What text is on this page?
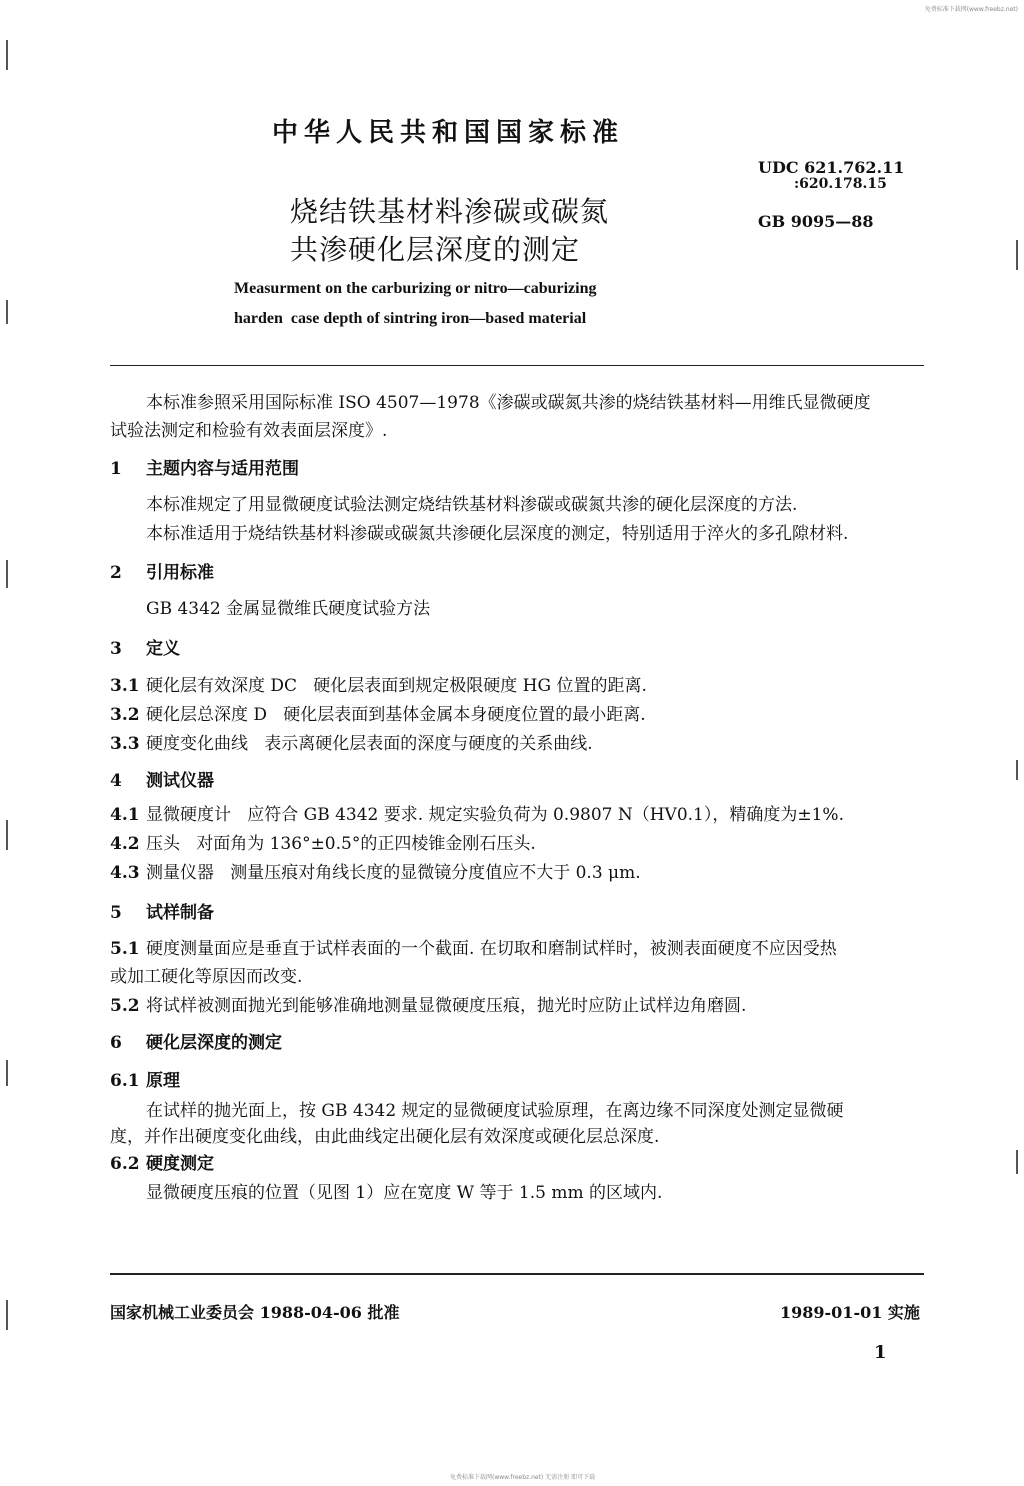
免费标准下载网(www.freebz.net)
中华人民共和国国家标准
烧结铁基材料渗碳或碳氮
共渗硬化层深度的测定
UDC 621.762.11
:620.178.15
GB 9095—88
Measurment on the carburizing or nitro—caburizing
harden  case depth of sintring iron—based material
本标准参照采用国际标准 ISO 4507—1978《渗碳或碳氮共渗的烧结铁基材料—用维氏显微硬度
试验法测定和检验有效表面层深度》.
1 主题内容与适用范围
本标准规定了用显微硬度试验法测定烧结铁基材料渗碳或碳氮共渗的硬化层深度的方法.
本标准适用于烧结铁基材料渗碳或碳氮共渗硬化层深度的测定，特别适用于淬火的多孔隙材料.
2 引用标准
GB 4342 金属显微维氏硬度试验方法
3 定义
3.1 硬化层有效深度 DC   硬化层表面到规定极限硬度 HG 位置的距离.
3.2 硬化层总深度 D   硬化层表面到基体金属本身硬度位置的最小距离.
3.3 硬度变化曲线   表示离硬化层表面的深度与硬度的关系曲线.
4 测试仪器
4.1 显微硬度计   应符合 GB 4342 要求. 规定实验负荷为 0.9807 N（HV0.1），精确度为±1%.
4.2 压头   对面角为 136°±0.5°的正四棱锥金刚石压头.
4.3 测量仪器   测量压痕对角线长度的显微镜分度值应不大于 0.3 μm.
5 试样制备
5.1 硬度测量面应是垂直于试样表面的一个截面. 在切取和磨制试样时，被测表面硬度不应因受热
或加工硬化等原因而改变.
5.2 将试样被测面抛光到能够准确地测量显微硬度压痕，抛光时应防止试样边角磨圆.
6 硬化层深度的测定
6.1 原理
在试样的抛光面上，按 GB 4342 规定的显微硬度试验原理，在离边缘不同深度处测定显微硬
度，并作出硬度变化曲线，由此曲线定出硬化层有效深度或硬化层总深度.
6.2 硬度测定
显微硬度压痕的位置（见图 1）应在宽度 W 等于 1.5 mm 的区域内.
国家机械工业委员会 1988-04-06 批准	1989-01-01 实施
1
免费标准下载网(www.freebz.net) 无需注册 即可下载
